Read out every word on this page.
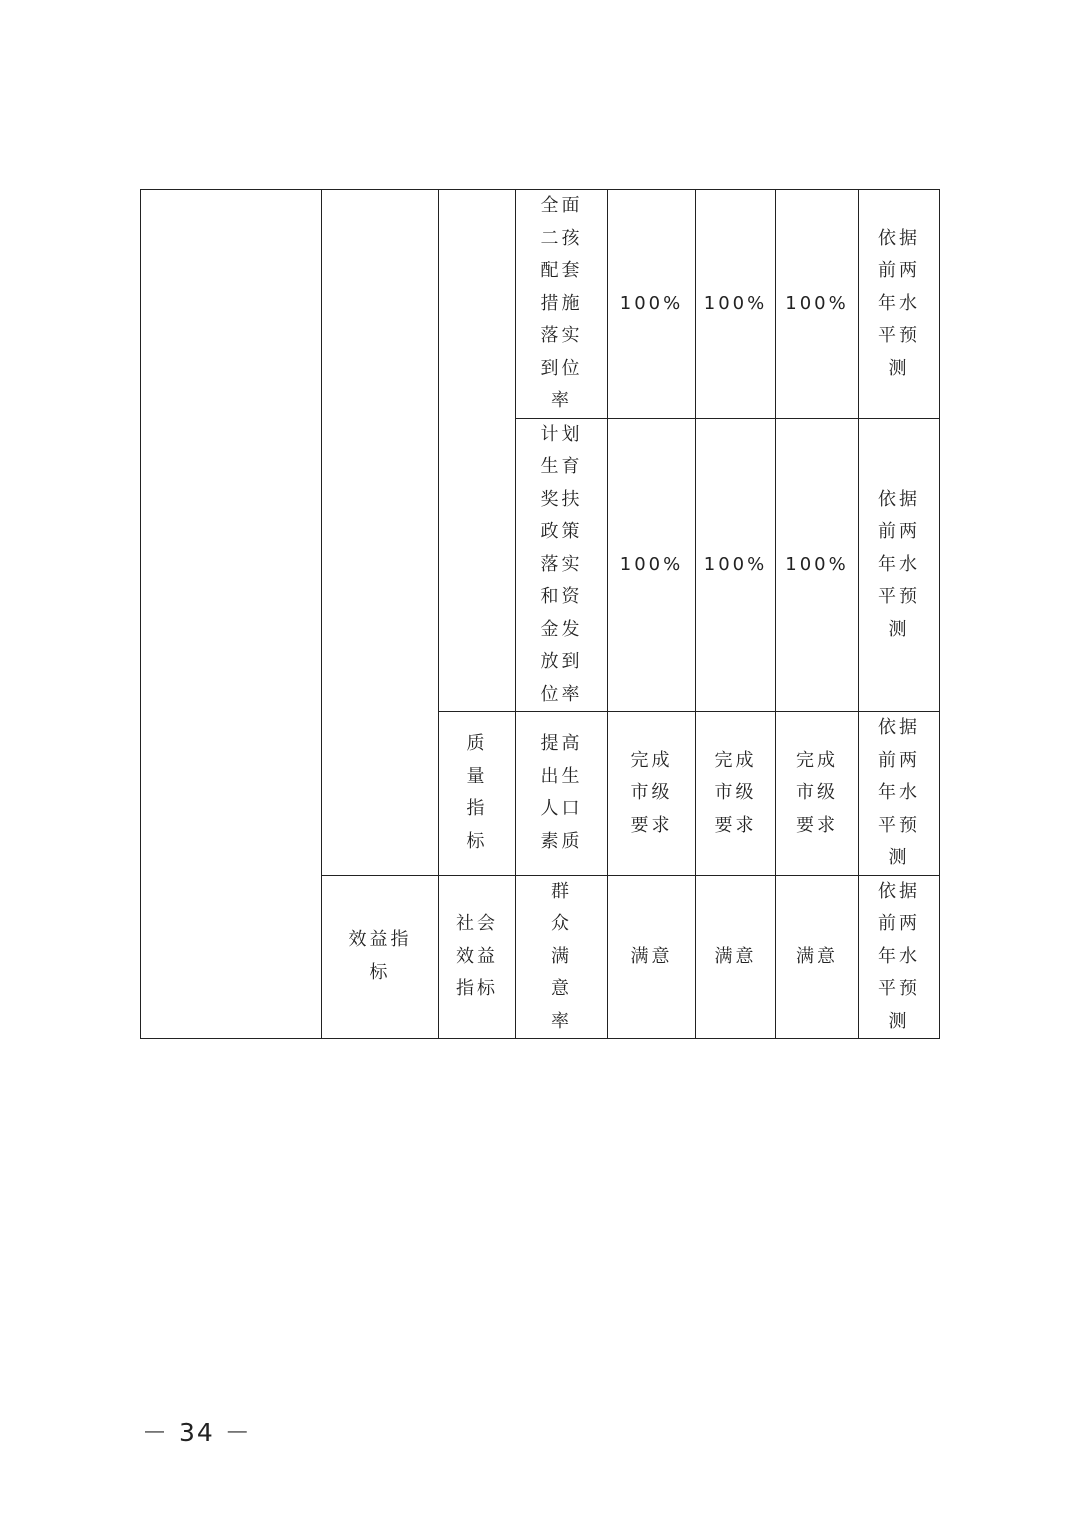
			全面二孩配套措施落实到位率	100%	100%	100%	依据前两年水平预测

			计划生育奖扶政策落实和资金发放到位率	100%	100%	100%	依据前两年水平预测

		质量指标	提高出生人口素质	完成市级要求	完成市级要求	完成市级要求	依据前两年水平预测

	效益指标	社会效益指标	群众满意率	满意	满意	满意	依据前两年水平预测
－ 34 －
